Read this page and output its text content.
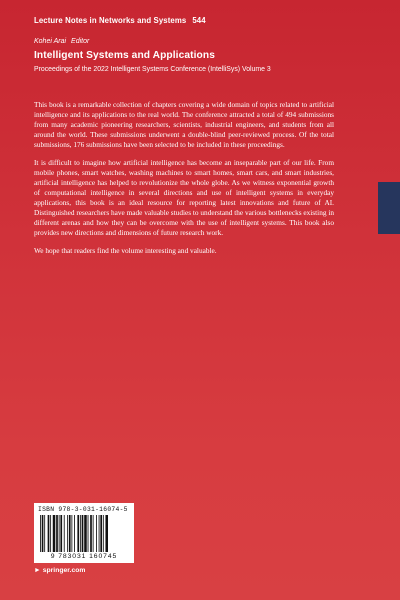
Lecture Notes in Networks and Systems 544
Kohei Arai Editor
Intelligent Systems and Applications
Proceedings of the 2022 Intelligent Systems Conference (IntelliSys) Volume 3

This book is a remarkable collection of chapters covering a wide domain of topics related to artificial intelligence and its applications to the real world. The conference attracted a total of 494 submissions from many academic pioneering researchers, scientists, industrial engineers, and students from all around the world. These submissions underwent a double-blind peer-reviewed process. Of the total submissions, 176 submissions have been selected to be included in these proceedings.

It is difficult to imagine how artificial intelligence has become an inseparable part of our life. From mobile phones, smart watches, washing machines to smart homes, smart cars, and smart industries, artificial intelligence has helped to revolutionize the whole globe. As we witness exponential growth of computational intelligence in several directions and use of intelligent systems in everyday applications, this book is an ideal resource for reporting latest innovations and future of AI. Distinguished researchers have made valuable studies to understand the various bottlenecks existing in different arenas and how they can be overcome with the use of intelligent systems. This book also provides new directions and dimensions of future research work.

We hope that readers find the volume interesting and valuable.

ISBN 978-3-031-16074-5
9 783031 160745
► springer.com
